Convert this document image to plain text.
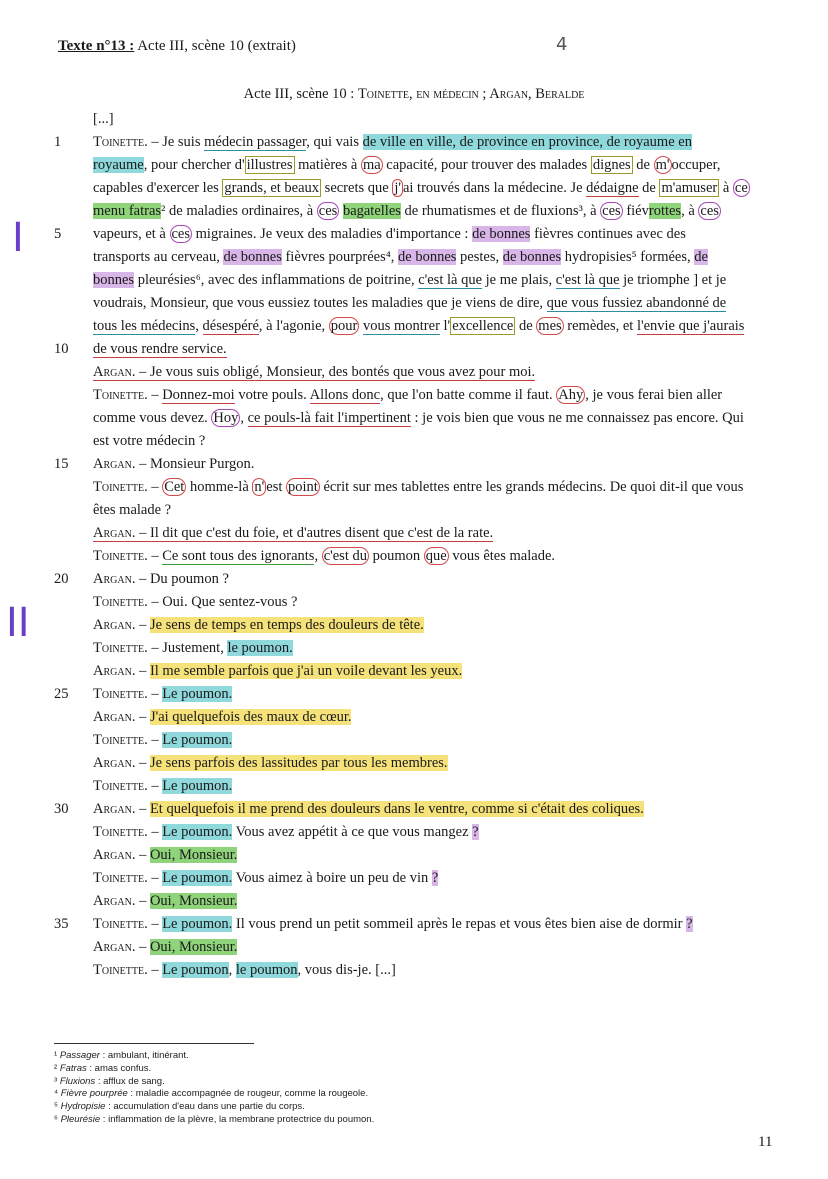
Texte n°13 : Acte III, scène 10 (extrait)	4
Acte III, scène 10 : Toinette, en médecin ; Argan, Beralde
[...]
1	Toinette. – Je suis médecin passager, qui vais de ville en ville, de province en province, de royaume en
royaume, pour chercher d' illustres matières à ma capacité, pour trouver des malades dignes de m' occuper,
capables d'exercer les grands, et beaux secrets que j' ai trouvés dans la médecine. Je dédaigne de m'amuser à ce
menu fatras² de maladies ordinaires, à ces bagatelles de rhumatismes et de fluxions³, à ces fiévrottes, à ces
5	vapeurs, et à ces migraines. Je veux des maladies d'importance : de bonnes fièvres continues avec des
transports au cerveau, de bonnes fièvres pourprées⁴, de bonnes pestes, de bonnes hydropisies⁵ formées, de
bonnes pleurésies⁶, avec des inflammations de poitrine, c'est là que je me plais, c'est là que je triomphe ] et je
voudrais, Monsieur, que vous eussiez toutes les maladies que je viens de dire, que vous fussiez abandonné de
tous les médecins, désespéré, à l'agonie, pour vous montrer l' excellence de mes remèdes, et l'envie que j'aurais
10	de vous rendre service.
Argan. – Je vous suis obligé, Monsieur, des bontés que vous avez pour moi.
Toinette. – Donnez-moi votre pouls. Allons donc, que l'on batte comme il faut. Ahy , je vous ferai bien aller
comme vous devez. Hoy , ce pouls-là fait l'impertinent : je vois bien que vous ne me connaissez pas encore. Qui
est votre médecin ?
15	Argan. – Monsieur Purgon.
Toinette. – Cet homme-là n' est point écrit sur mes tablettes entre les grands médecins. De quoi dit-il que vous
êtes malade ?
Argan. – Il dit que c'est du foie, et d'autres disent que c'est de la rate.
Toinette. – Ce sont tous des ignorants, c'est du poumon que vous êtes malade.
20	Argan. – Du poumon ?
Toinette. – Oui. Que sentez-vous ?
Argan. – Je sens de temps en temps des douleurs de tête.
Toinette. – Justement, le poumon.
Argan. – Il me semble parfois que j'ai un voile devant les yeux.
25	Toinette. – Le poumon.
Argan. – J'ai quelquefois des maux de cœur.
Toinette. – Le poumon.
Argan. – Je sens parfois des lassitudes par tous les membres.
Toinette. – Le poumon.
30	Argan. – Et quelquefois il me prend des douleurs dans le ventre, comme si c'était des coliques.
Toinette. – Le poumon. Vous avez appétit à ce que vous mangez ?
Argan. – Oui, Monsieur.
Toinette. – Le poumon. Vous aimez à boire un peu de vin ?
Argan. – Oui, Monsieur.
35	Toinette. – Le poumon. Il vous prend un petit sommeil après le repas et vous êtes bien aise de dormir ?
Argan. – Oui, Monsieur.
Toinette. – Le poumon, le poumon, vous dis-je. [...]
I
II
¹ Passager : ambulant, itinérant.
² Fatras : amas confus.
³ Fluxions : afflux de sang.
⁴ Fièvre pourprée : maladie accompagnée de rougeur, comme la rougeole.
⁵ Hydropisie : accumulation d'eau dans une partie du corps.
⁶ Pleurésie : inflammation de la plèvre, la membrane protectrice du poumon.
11
